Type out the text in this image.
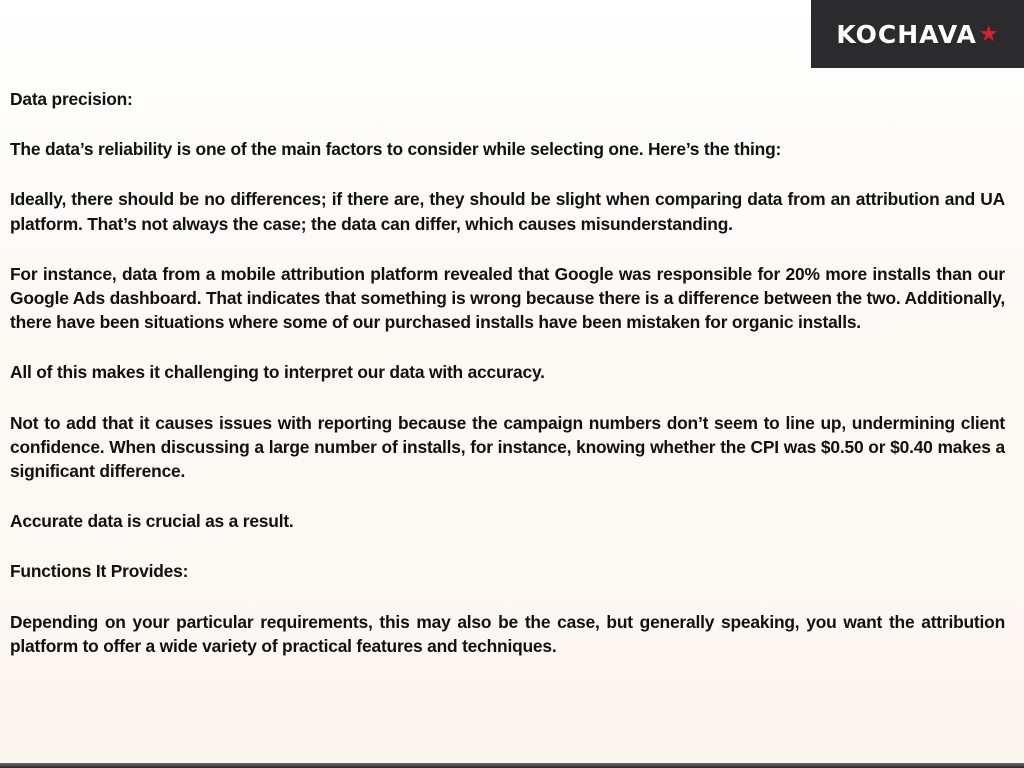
KOCHAVA ★

Data precision:

The data’s reliability is one of the main factors to consider while selecting one. Here’s the thing:

Ideally, there should be no differences; if there are, they should be slight when comparing data from an attribution and UA platform. That’s not always the case; the data can differ, which causes misunderstanding.

For instance, data from a mobile attribution platform revealed that Google was responsible for 20% more installs than our Google Ads dashboard. That indicates that something is wrong because there is a difference between the two. Additionally, there have been situations where some of our purchased installs have been mistaken for organic installs.

All of this makes it challenging to interpret our data with accuracy.

Not to add that it causes issues with reporting because the campaign numbers don’t seem to line up, undermining client confidence. When discussing a large number of installs, for instance, knowing whether the CPI was $0.50 or $0.40 makes a significant difference.

Accurate data is crucial as a result.

Functions It Provides:

Depending on your particular requirements, this may also be the case, but generally speaking, you want the attribution platform to offer a wide variety of practical features and techniques.
